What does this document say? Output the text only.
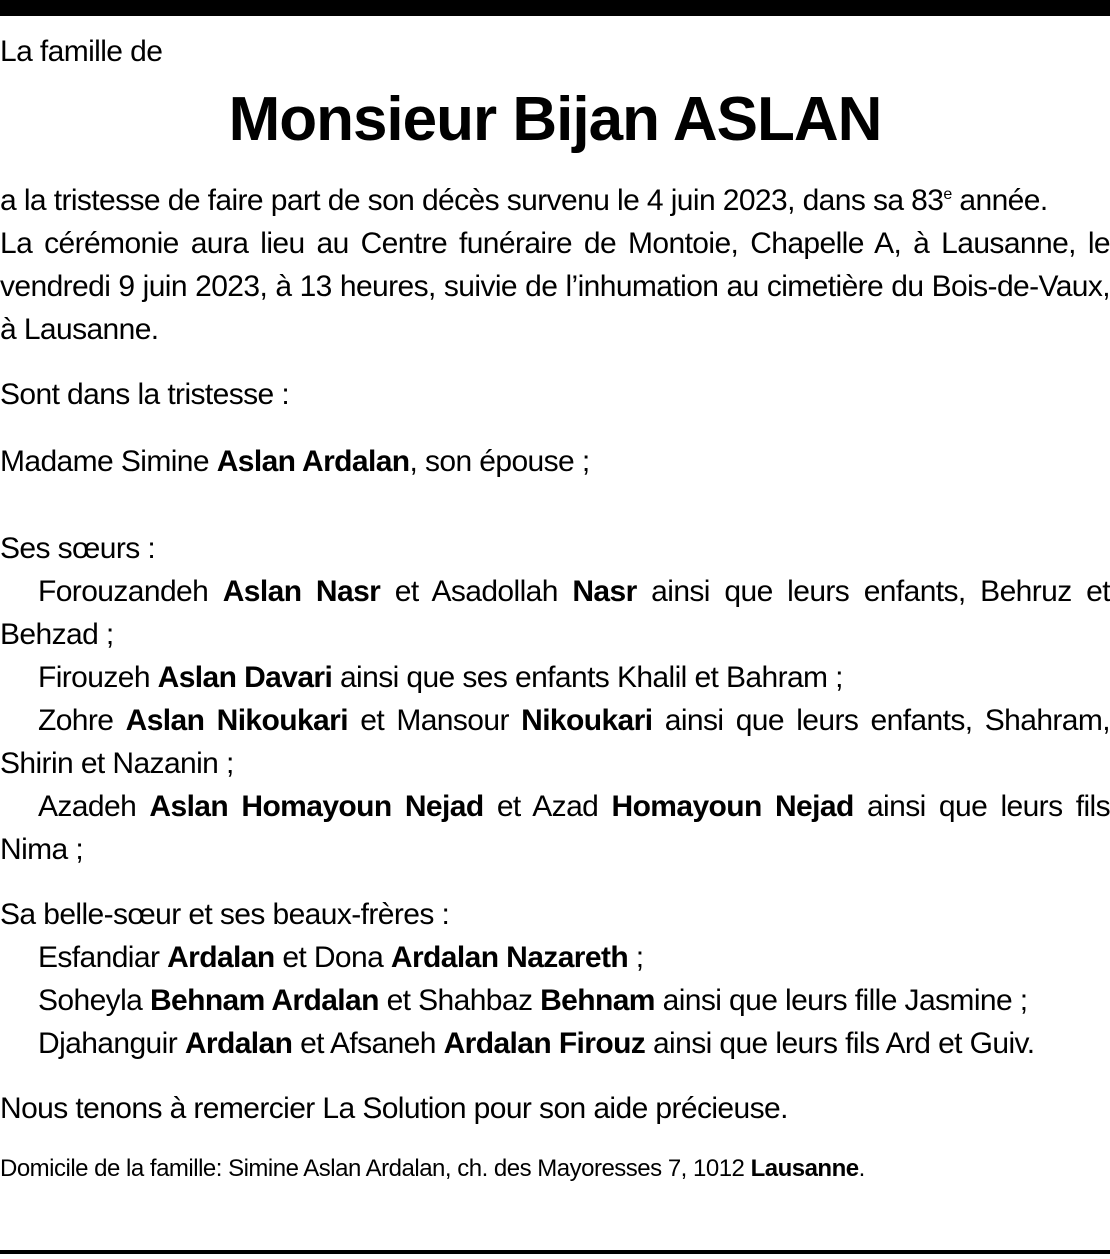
La famille de

Monsieur Bijan ASLAN

a la tristesse de faire part de son décès survenu le 4 juin 2023, dans sa 83e année.

La cérémonie aura lieu au Centre funéraire de Montoie, Chapelle A, à Lausanne, le vendredi 9 juin 2023, à 13 heures, suivie de l’inhumation au cimetière du Bois-de-Vaux, à Lausanne.

Sont dans la tristesse :

Madame Simine Aslan Ardalan, son épouse ;

Ses sœurs :

Forouzandeh Aslan Nasr et Asadollah Nasr ainsi que leurs enfants, Behruz et Behzad ;

Firouzeh Aslan Davari ainsi que ses enfants Khalil et Bahram ;

Zohre Aslan Nikoukari et Mansour Nikoukari ainsi que leurs enfants, Shahram, Shirin et Nazanin ;

Azadeh Aslan Homayoun Nejad et Azad Homayoun Nejad ainsi que leurs fils Nima ;

Sa belle-sœur et ses beaux-frères :

Esfandiar Ardalan et Dona Ardalan Nazareth ;

Soheyla Behnam Ardalan et Shahbaz Behnam ainsi que leurs fille Jasmine ;

Djahanguir Ardalan et Afsaneh Ardalan Firouz ainsi que leurs fils Ard et Guiv.

Nous tenons à remercier La Solution pour son aide précieuse.

Domicile de la famille: Simine Aslan Ardalan, ch. des Mayoresses 7, 1012 Lausanne.
